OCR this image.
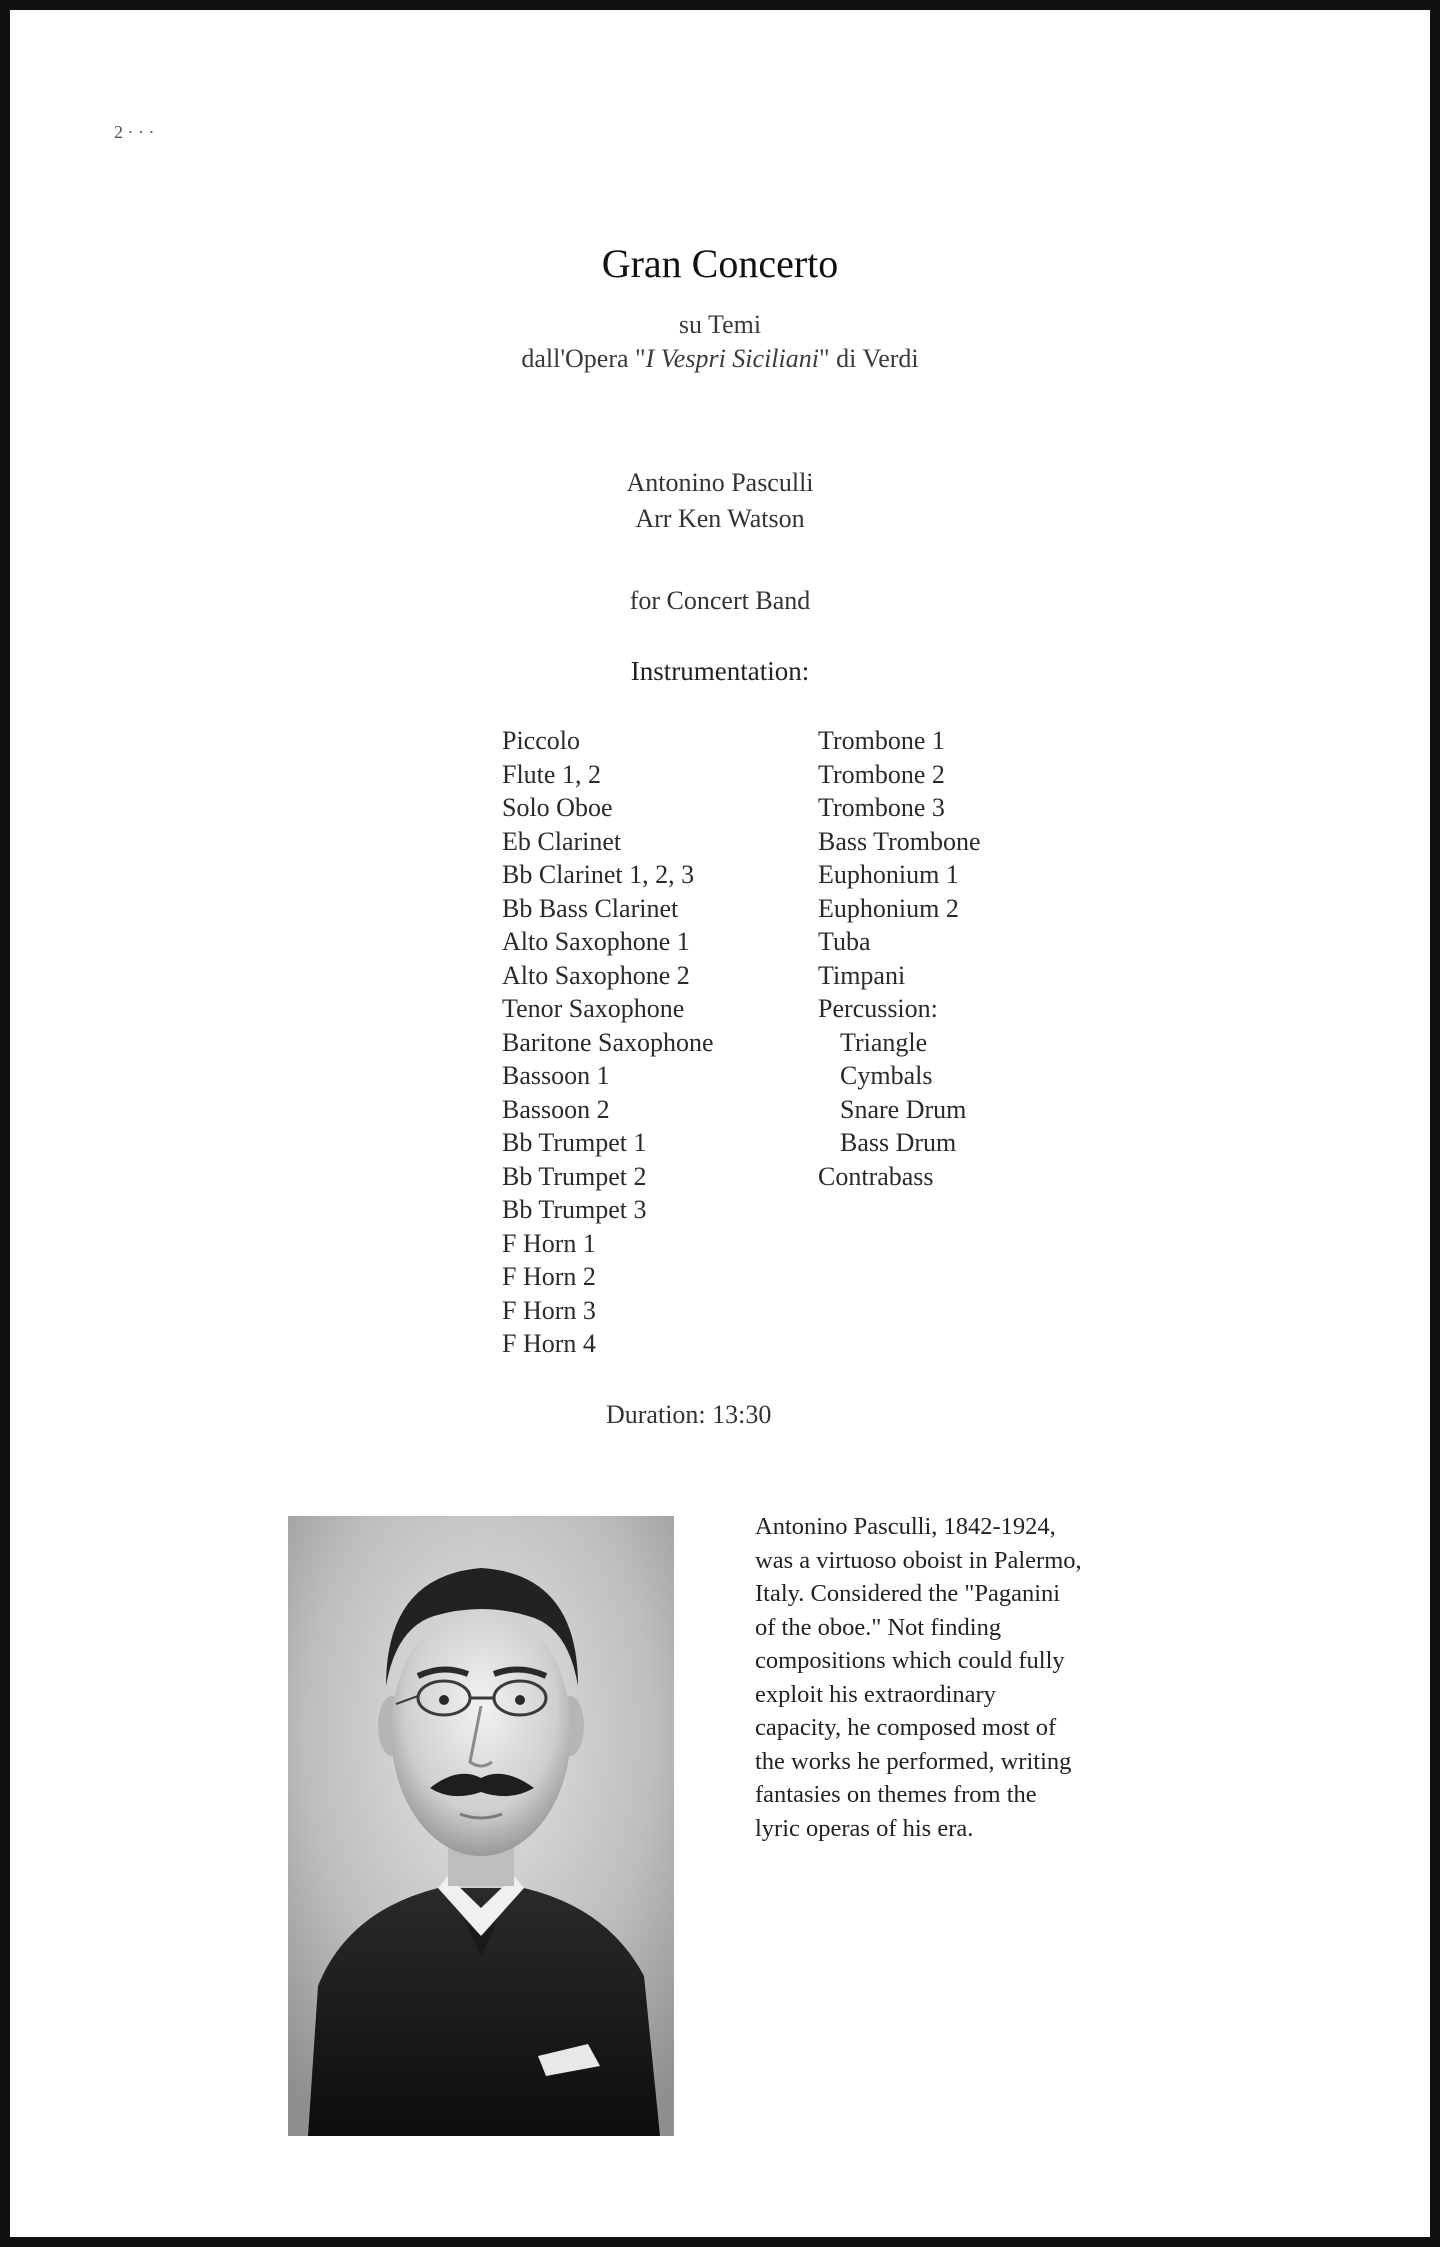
2 · · ·
Gran Concerto
su Temi
dall'Opera "I Vespri Siciliani" di Verdi
Antonino Pasculli
Arr Ken Watson
for Concert Band
Instrumentation:
Piccolo
Flute 1, 2
Solo Oboe
Eb Clarinet
Bb Clarinet 1, 2, 3
Bb Bass Clarinet
Alto Saxophone 1
Alto Saxophone 2
Tenor Saxophone
Baritone Saxophone
Bassoon 1
Bassoon 2
Bb Trumpet 1
Bb Trumpet 2
Bb Trumpet 3
F Horn 1
F Horn 2
F Horn 3
F Horn 4
Trombone 1
Trombone 2
Trombone 3
Bass Trombone
Euphonium 1
Euphonium 2
Tuba
Timpani
Percussion:
Triangle
Cymbals
Snare Drum
Bass Drum
Contrabass
Duration: 13:30

Antonino Pasculli, 1842-1924, was a virtuoso oboist in Palermo, Italy. Considered the "Paganini of the oboe." Not finding compositions which could fully exploit his extraordinary capacity, he composed most of the works he performed, writing fantasies on themes from the lyric operas of his era.
